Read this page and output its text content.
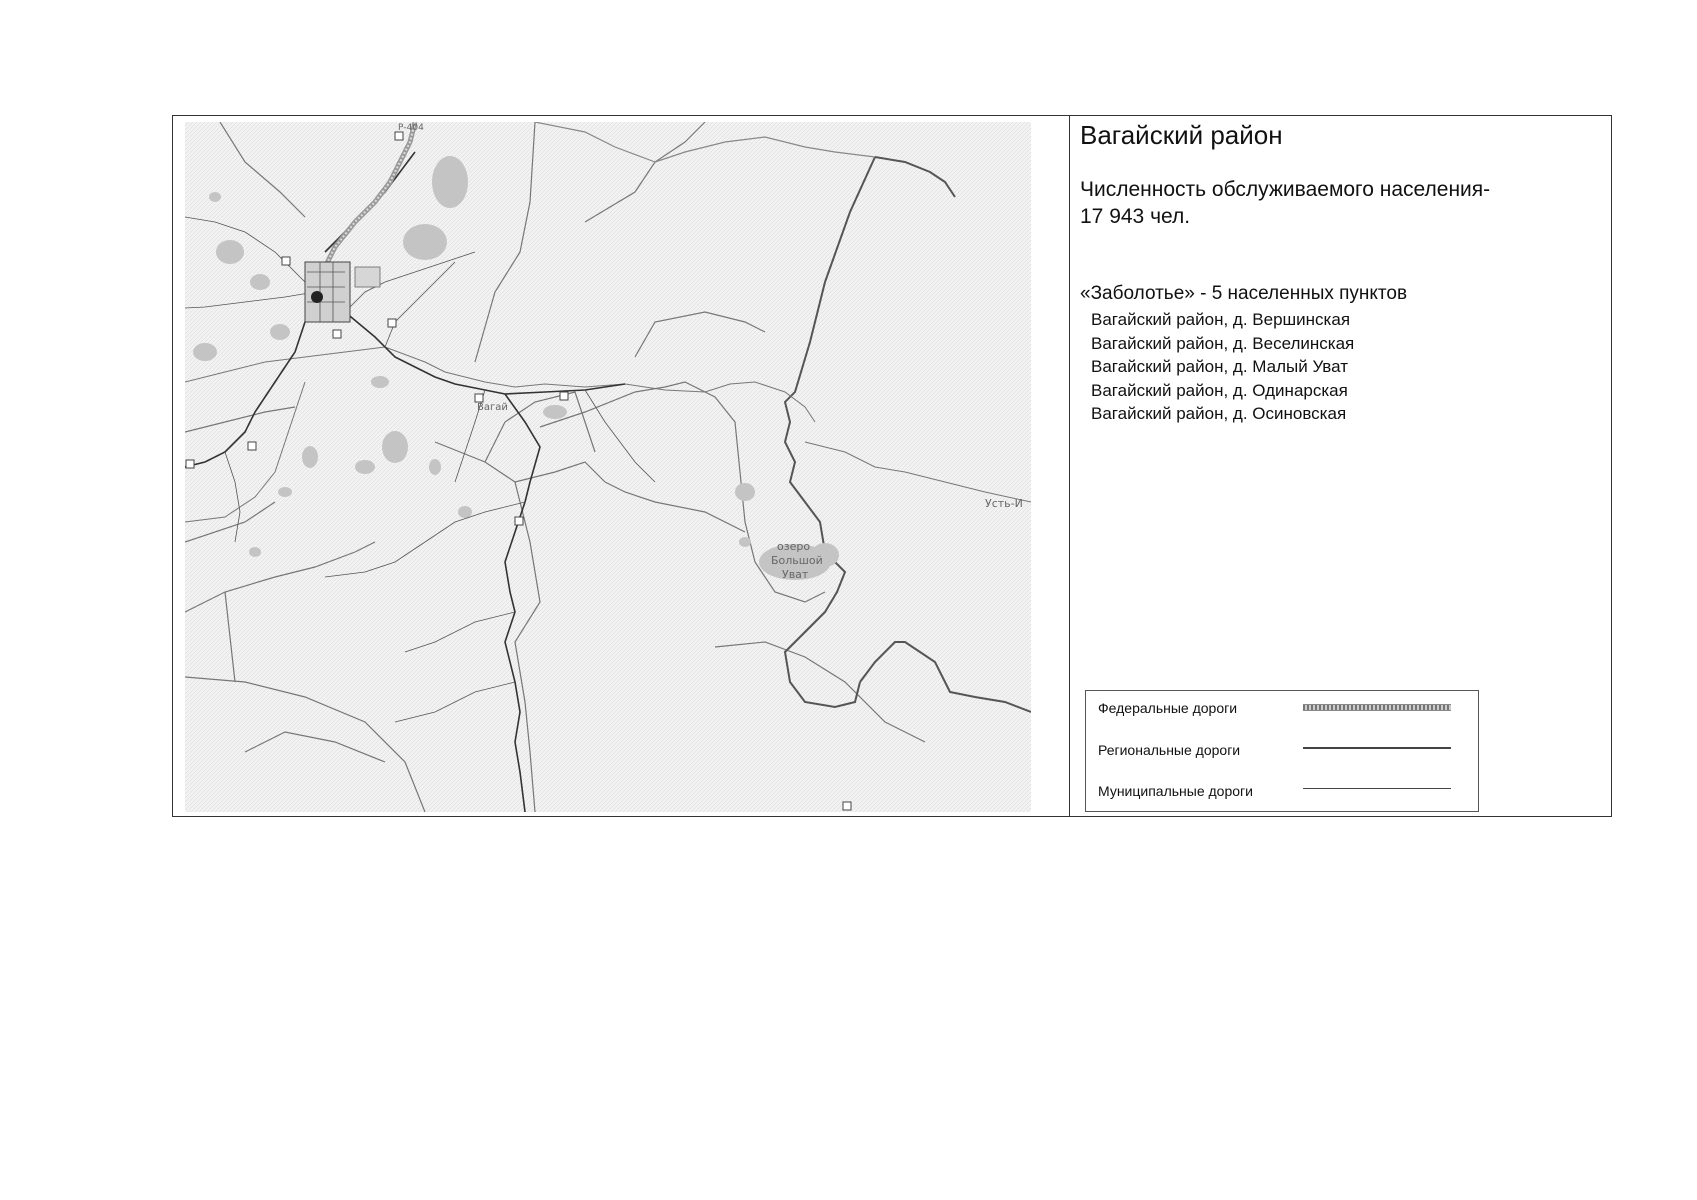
Р-404
Вагай
озеро
Большой
Уват
Усть-И
Вагайский район
Численность обслуживаемого населения-
17 943 чел.
«Заболотье» - 5 населенных пунктов
Вагайский район, д. Вершинская
Вагайский район, д. Веселинская
Вагайский район, д. Малый Уват
Вагайский район, д. Одинарская
Вагайский район, д. Осиновская
Федеральные дороги
Региональные дороги
Муниципальные дороги
